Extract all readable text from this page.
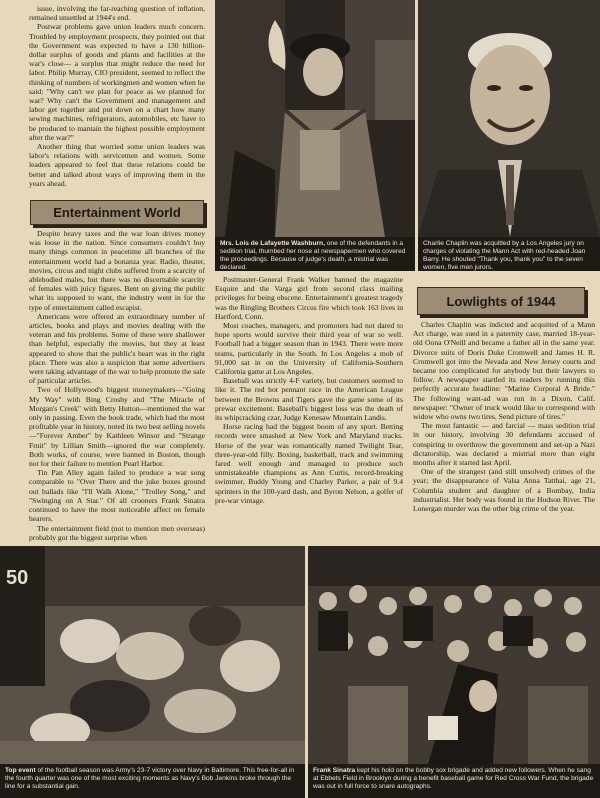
issue, involving the far-reaching question of inflation, remained unsettled at 1944's end.

Postwar problems gave union leaders much concern. Troubled by employment prospects, they pointed out that the Government was expected to have a 130 billion-dollar surplus of goods and plants and facilities at the war's close— a surplus that might reduce the need for labor. Philip Murray, CIO president, seemed to reflect the thinking of numbers of workingmen and women when he said: "Why can't we plan for peace as we planned for war? Why can't the Government and management and labor get together and put down on a chart how many sewing machines, refrigerators, automobiles, etc have to be produced to mantain the highest possible employment after the war?"

Another thing that worried some union leaders was labor's relations with servicemen and women. Some leaders appeared to feel that these relations could be better and talked about ways of improving them in the years ahead.

Entertainment World

Despite heavy taxes and the war loan drives money was loose in the nation. Since consumers couldn't buy many things common in peacetime all branches of the entertainment world had a bonanza year. Radio, theater, movies, circus and night clubs suffered from a scarcity of ablebodied males, but there was no discernable scarcity of females with juicy figures. Bent on giving the public what its supposed to want, the industry went in for the type of entertainment called escapist.

Americans were offered an extraordinary number of articles, books and plays and movies dealing with the veteran and his problems. Some of these were shallower than helpful, especially the movies, but they at least appeared to show that the public's heart was in the right place. There was also a suspicion that some advertisers were taking advantage of the war to help promote the sale of particular articles.

Two of Hollywood's biggest moneymakers—"Going My Way" with Bing Crosby and "The Miracle of Morgan's Creek" with Betty Hutton—mentioned the war only in passing. Even the book trade, which had the most profitable year in history, noted its two best selling novels—"Forever Amber" by Kathleen Winsor and "Strange Fruit" by Lillian Smith—ignored the war completely. Both works, of course, were banned in Boston, though not for their failure to mention Pearl Harbor.

Tin Pan Alley again failed to produce a war song comparable to "Over There and the juke boxes ground out ballads like "I'll Walk Alone," "Trolley Song," and "Swinging on A Star." Of all crooners Frank Sinatra continued to have the most noticeable affect on female hearers.

The entertainment field (not to mention men overseas) probably got the biggest surprise when

Mrs. Lois de Lafayette Washburn, one of the defendants in a sedition trial, thumbed her nose at newspapermen who covered the proceedings. Because of judge's death, a mistrial was declared.
Charlie Chaplin was acquitted by a Los Angeles jury on charges of violating the Mann Act with red-headed Joan Barry. He shouted "Thank you, thank you" to the seven women, five men jurors.

Postmaster-General Frank Walker banned the magazine Esquire and the Varga girl from second class mailing privileges for being obscene. Entertainment's greatest tragedy was the Ringling Brothers Circus fire which took 163 lives in Hartford, Conn.

Most coaches, managers, and promoters had not dared to hope sports would survive their third year of war so well. Football had a bigger season than in 1943. There were more teams, particularly in the South. In Los Angeles a mob of 91,000 sat in on the University of California-Southern California game at Los Angeles.

Baseball was strictly 4-F variety, but customers seemed to like it. The red hot pennant race in the American League between the Browns and Tigers gave the game some of its prewar excitement. Baseball's biggest loss was the death of its whipcracking czar, Judge Kenesaw Mountain Landis.

Horse racing had the biggest boom of any sport. Betting records were smashed at New York and Maryland tracks. Horse of the year was romantically named Twilight Tear, three-year-old filly. Boxing, basketball, track and swimming fared well enough and managed to produce such unmistakeable champions as Ann Curtis, record-breaking swimmer, Buddy Young and Charley Parker, a pair of 9.4 sprinters in the 100-yard dash, and Byron Nelson, a golfer of pre-war vintage.

Lowlights of 1944

Charles Chaplin was indicted and acquitted of a Mann Act charge, was sued in a paternity case, married 18-year-old Oona O'Neill and became a father all in the same year. Divorce suits of Doris Duke Cromwell and James H. R. Cromwell got into the Nevada and New Jersey courts and became too complicated for anybody but their lawyers to follow. A newspaper startled its readers by running this perfectly accurate headline: "Marine Corporal A Bride." The following want-ad was run in a Dixon, Calif. newspaper: "Owner of truck would like to correspond with widow who owns two tires. Send picture of tires."

The most fantastic — and farcial — mass sedition trial in our history, involving 30 defendants accused of conspiring to overthrow the government and set-up a Nazi dictatorship, was declared a mistrial more than eight months after it started last April.

One of the strangest (and still unsolved) crimes of the year; the disappearance of Valsa Anna Tatthai, age 21, Columbia student and daughter of a Bombay, India industrialist. Her body was found in the Hudson River. The Lonergan murder was the other big crime of the year.

50
Top event of the football season was Army's 23-7 victory over Navy in Baltimore. This free-for-all in the fourth quarter was one of the most exciting moments as Navy's Bob Jenkins broke through the line for a substantial gain.
Frank Sinatra kept his hold on the bobby sox brigade and added new followers. When he sang at Ebbets Field in Brooklyn during a benefit baseball game for Red Cross War Fund, the brigade was out in full force to snare autographs.
